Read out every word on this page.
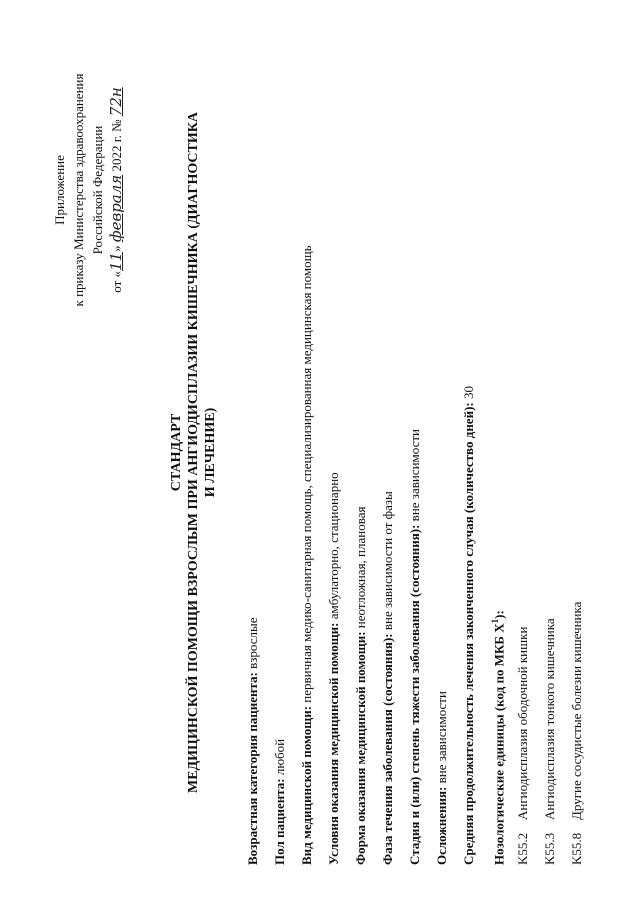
Приложение к приказу Министерства здравоохранения Российской Федерации
от «11» февраля 2022 г. № 72н
СТАНДАРТ МЕДИЦИНСКОЙ ПОМОЩИ ВЗРОСЛЫМ ПРИ АНГИОДИСПЛАЗИИ КИШЕЧНИКА (ДИАГНОСТИКА И ЛЕЧЕНИЕ)
Возрастная категория пациента: взрослые
Пол пациента: любой Вид медицинской помощи: первичная медико-санитарная помощь, специализированная медицинская помощь
Условия оказания медицинской помощи: амбулаторно, стационарно
Форма оказания медицинской помощи: неотложная, плановая
Фаза течения заболевания (состояния): вне зависимости от фазы Стадия и (или) степень тяжести заболевания (состояния): вне зависимости
Осложнения: вне зависимости Средняя продолжительность лечения законченного случая (количество дней): 30
Нозологические единицы (код по МКБ $X^1$):
K55.2Ангиодисплазия ободочной кишки
K55.3Ангиодисплазия тонкого кишечника
K55.8Другие сосудистые болезни кишечника
